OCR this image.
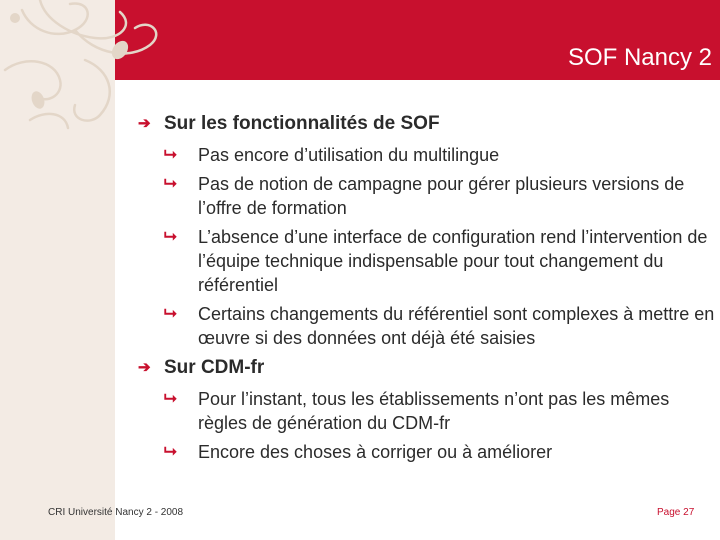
SOF Nancy 2
➔ Sur les fonctionnalités de SOF
⮡ Pas encore d’utilisation du multilingue
⮡ Pas de notion de campagne pour gérer plusieurs versions de l’offre de formation
⮡ L’absence d’une interface de configuration rend l’intervention de l’équipe technique indispensable pour tout changement du référentiel
⮡ Certains changements du référentiel sont complexes à mettre en œuvre si des données ont déjà été saisies
➔ Sur CDM-fr
⮡ Pour l’instant, tous les établissements n’ont pas les mêmes règles de génération du CDM-fr
⮡ Encore des choses à corriger ou à améliorer
CRI Université Nancy 2 - 2008	Page 27
